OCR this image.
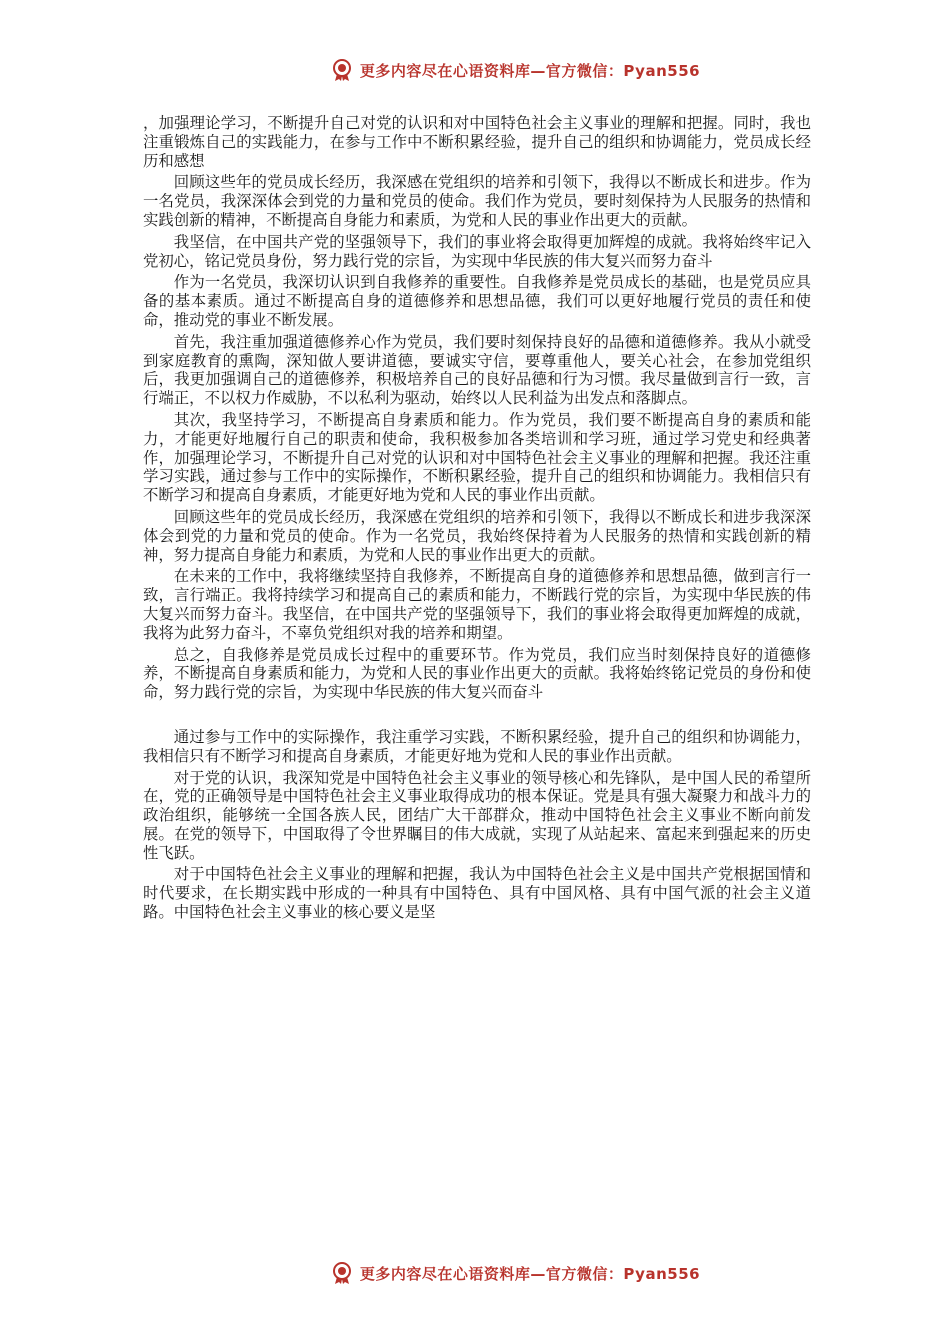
更多内容尽在心语资料库—官方微信：Pyan556

，加强理论学习，不断提升自己对党的认识和对中国特色社会主义事业的理解和把握。同时，我也注重锻炼自己的实践能力，在参与工作中不断积累经验，提升自己的组织和协调能力，党员成长经历和感想

回顾这些年的党员成长经历，我深感在党组织的培养和引领下，我得以不断成长和进步。作为一名党员，我深深体会到党的力量和党员的使命。我们作为党员，要时刻保持为人民服务的热情和实践创新的精神，不断提高自身能力和素质，为党和人民的事业作出更大的贡献。

我坚信，在中国共产党的坚强领导下，我们的事业将会取得更加辉煌的成就。我将始终牢记入党初心，铭记党员身份，努力践行党的宗旨，为实现中华民族的伟大复兴而努力奋斗

作为一名党员，我深切认识到自我修养的重要性。自我修养是党员成长的基础，也是党员应具备的基本素质。通过不断提高自身的道德修养和思想品德，我们可以更好地履行党员的责任和使命，推动党的事业不断发展。

首先，我注重加强道德修养心作为党员，我们要时刻保持良好的品德和道德修养。我从小就受到家庭教育的熏陶，深知做人要讲道德，要诚实守信，要尊重他人，要关心社会，在参加党组织后，我更加强调自己的道德修养，积极培养自己的良好品德和行为习惯。我尽量做到言行一致，言行端正，不以权力作威胁，不以私利为驱动，始终以人民利益为出发点和落脚点。

其次，我坚持学习，不断提高自身素质和能力。作为党员，我们要不断提高自身的素质和能力，才能更好地履行自己的职责和使命，我积极参加各类培训和学习班，通过学习党史和经典著作，加强理论学习，不断提升自己对党的认识和对中国特色社会主义事业的理解和把握。我还注重学习实践，通过参与工作中的实际操作，不断积累经验，提升自己的组织和协调能力。我相信只有不断学习和提高自身素质，才能更好地为党和人民的事业作出贡献。

回顾这些年的党员成长经历，我深感在党组织的培养和引领下，我得以不断成长和进步我深深体会到党的力量和党员的使命。作为一名党员，我始终保持着为人民服务的热情和实践创新的精神，努力提高自身能力和素质，为党和人民的事业作出更大的贡献。

在未来的工作中，我将继续坚持自我修养，不断提高自身的道德修养和思想品德，做到言行一致，言行端正。我将持续学习和提高自己的素质和能力，不断践行党的宗旨，为实现中华民族的伟大复兴而努力奋斗。我坚信，在中国共产党的坚强领导下，我们的事业将会取得更加辉煌的成就，我将为此努力奋斗，不辜负党组织对我的培养和期望。

总之，自我修养是党员成长过程中的重要环节。作为党员，我们应当时刻保持良好的道德修养，不断提高自身素质和能力，为党和人民的事业作出更大的贡献。我将始终铭记党员的身份和使命，努力践行党的宗旨，为实现中华民族的伟大复兴而奋斗

通过参与工作中的实际操作，我注重学习实践，不断积累经验，提升自己的组织和协调能力，我相信只有不断学习和提高自身素质，才能更好地为党和人民的事业作出贡献。

对于党的认识，我深知党是中国特色社会主义事业的领导核心和先锋队，是中国人民的希望所在，党的正确领导是中国特色社会主义事业取得成功的根本保证。党是具有强大凝聚力和战斗力的政治组织，能够统一全国各族人民，团结广大干部群众，推动中国特色社会主义事业不断向前发展。在党的领导下，中国取得了令世界瞩目的伟大成就，实现了从站起来、富起来到强起来的历史性飞跃。

对于中国特色社会主义事业的理解和把握，我认为中国特色社会主义是中国共产党根据国情和时代要求，在长期实践中形成的一种具有中国特色、具有中国风格、具有中国气派的社会主义道路。中国特色社会主义事业的核心要义是坚

更多内容尽在心语资料库—官方微信：Pyan556
